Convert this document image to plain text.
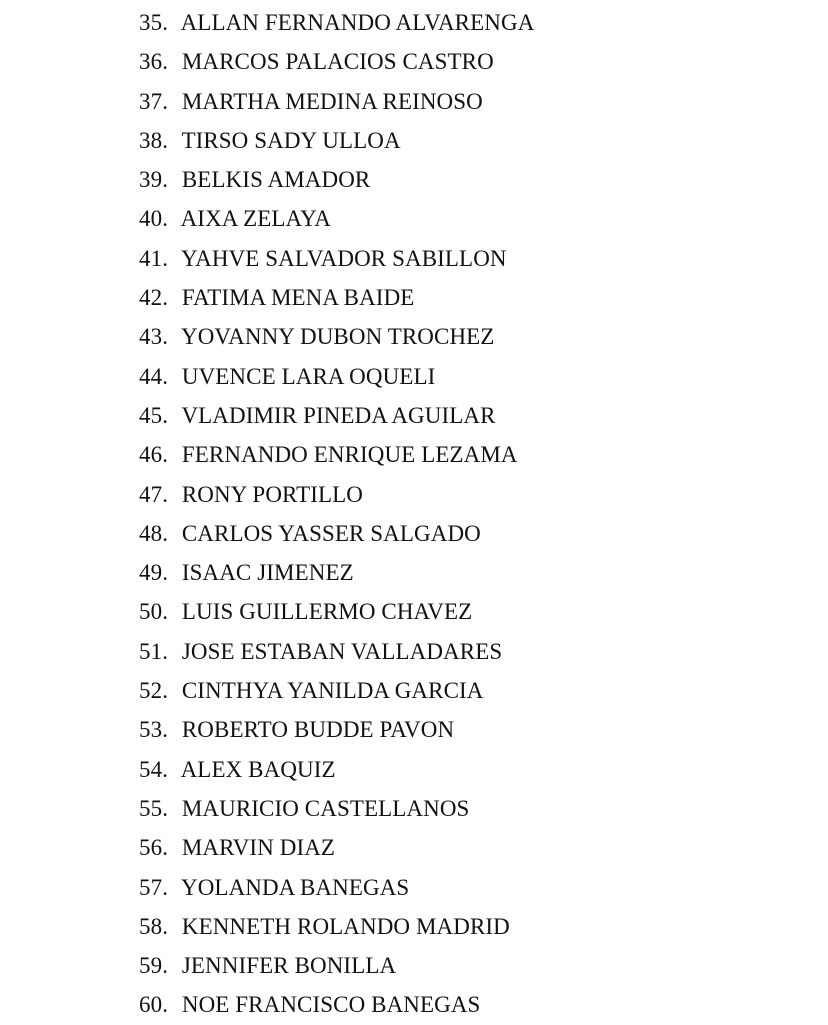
35. ALLAN FERNANDO ALVARENGA
36. MARCOS PALACIOS CASTRO
37. MARTHA MEDINA REINOSO
38. TIRSO SADY ULLOA
39. BELKIS AMADOR
40. AIXA ZELAYA
41. YAHVE SALVADOR SABILLON
42. FATIMA MENA BAIDE
43. YOVANNY DUBON TROCHEZ
44. UVENCE LARA OQUELI
45. VLADIMIR PINEDA AGUILAR
46. FERNANDO ENRIQUE LEZAMA
47. RONY PORTILLO
48. CARLOS YASSER SALGADO
49. ISAAC JIMENEZ
50. LUIS GUILLERMO CHAVEZ
51. JOSE ESTABAN VALLADARES
52. CINTHYA YANILDA GARCIA
53. ROBERTO BUDDE PAVON
54. ALEX BAQUIZ
55. MAURICIO CASTELLANOS
56. MARVIN DIAZ
57. YOLANDA BANEGAS
58. KENNETH ROLANDO MADRID
59. JENNIFER BONILLA
60. NOE FRANCISCO BANEGAS
